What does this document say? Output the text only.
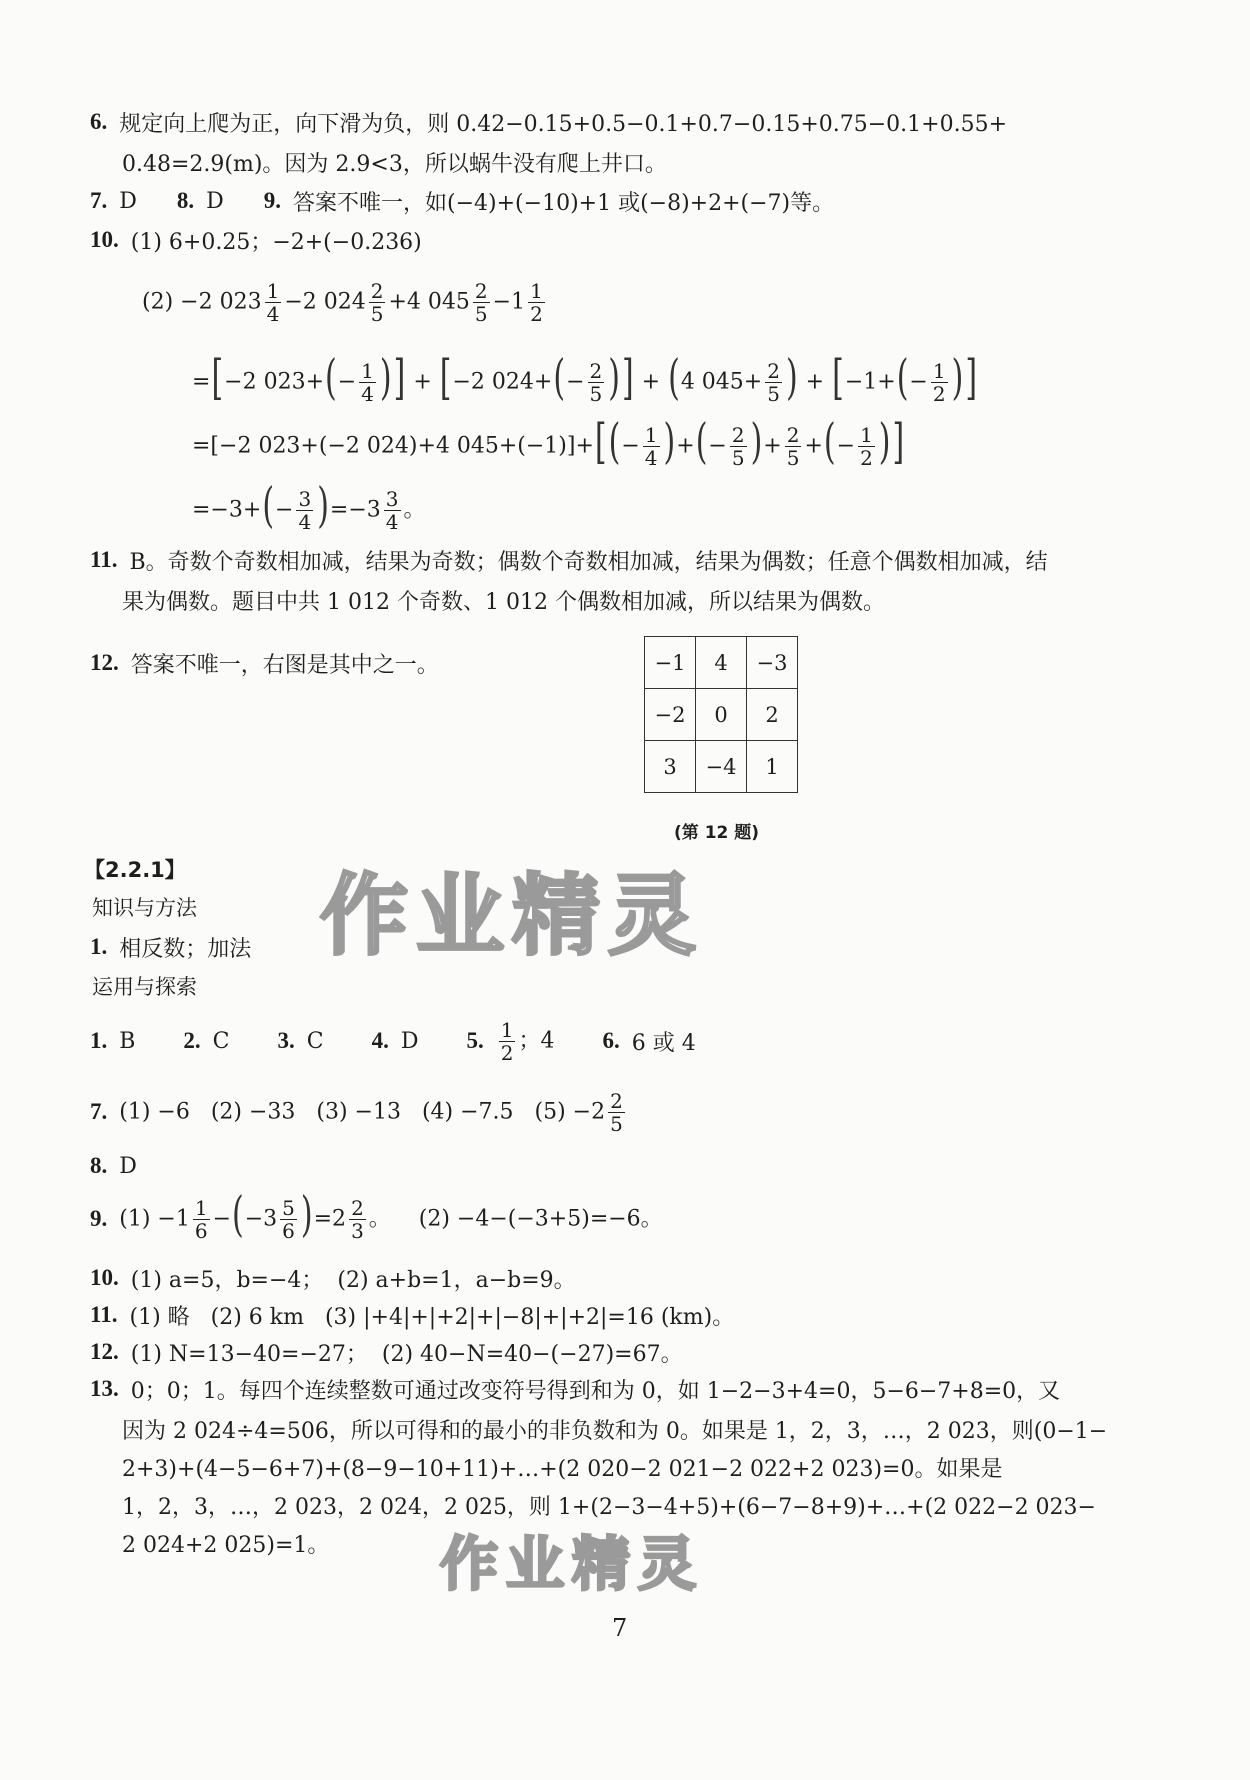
6. 规定向上爬为正，向下滑为负，则 0.42−0.15+0.5−0.1+0.7−0.15+0.75−0.1+0.55+
0.48=2.9(m)。因为 2.9<3，所以蜗牛没有爬上井口。
7. D 8. D 9. 答案不唯一，如(−4)+(−10)+1 或(−8)+2+(−7)等。
10. (1) 6+0.25；−2+(−0.236)
(2) −2 $023 \frac{1}{4} -2$ $024 \frac{2}{5} +4$ $045 \frac{2}{5} -1 \frac{1}{2}$
=[−2 $023+(- \frac{1}{4}$ )] + [−2 $024+(- \frac{2}{5}$ )] + (4 $045+ \frac{2}{5}$ ) + [$-1+(- \frac{1}{2}$ )]
=[−2 023+(−2 024)+4 $045+(-1)]+[(- \frac{1}{4}$ )+(− $\frac{2}{5}$ )+ $\frac{2}{5}$ +(− $\frac{1}{2}$ )]
$=-3+(- \frac{3}{4} )=-3 \frac{3}{4}$ 。
11. B。奇数个奇数相加减，结果为奇数；偶数个奇数相加减，结果为偶数；任意个偶数相加减，结
果为偶数。题目中共 1 012 个奇数、1 012 个偶数相加减，所以结果为偶数。
12. 答案不唯一，右图是其中之一。	−1	4	−3
−2	0	2
3	−4	1
(第 12 题)
【2.2.1】
知识与方法
1. 相反数；加法
运用与探索
1. B 2. C 3. C 4. D 5. $\frac{1}{2}$ ；4 6. 6 或 4
7. (1) −6   (2) −33   (3) −13   (4) −7.5   $(5) -2 \frac{2}{5}$
8. D
9. $(1) -1 \frac{1}{6} -(-3 \frac{5}{6} )=2 \frac{2}{3}$ 。    (2) −4−(−3+5)=−6。
10. (1) a=5，b=−4；  (2) a+b=1，a−b=9。
11. (1) 略   (2) 6 km   (3) |+4|+|+2|+|−8|+|+2|=16 (km)。
12. (1) N=13−40=−27；  (2) 40−N=40−(−27)=67。
13. 0；0；1。每四个连续整数可通过改变符号得到和为 0，如 1−2−3+4=0，5−6−7+8=0，又
因为 2 024÷4=506，所以可得和的最小的非负数和为 0。如果是 1，2，3，…，2 023，则(0−1−
2+3)+(4−5−6+7)+(8−9−10+11)+…+(2 020−2 021−2 022+2 023)=0。如果是
1，2，3，…，2 023，2 024，2 025，则 1+(2−3−4+5)+(6−7−8+9)+…+(2 022−2 023−
2 024+2 025)=1。
7
作业精灵
作业精灵
